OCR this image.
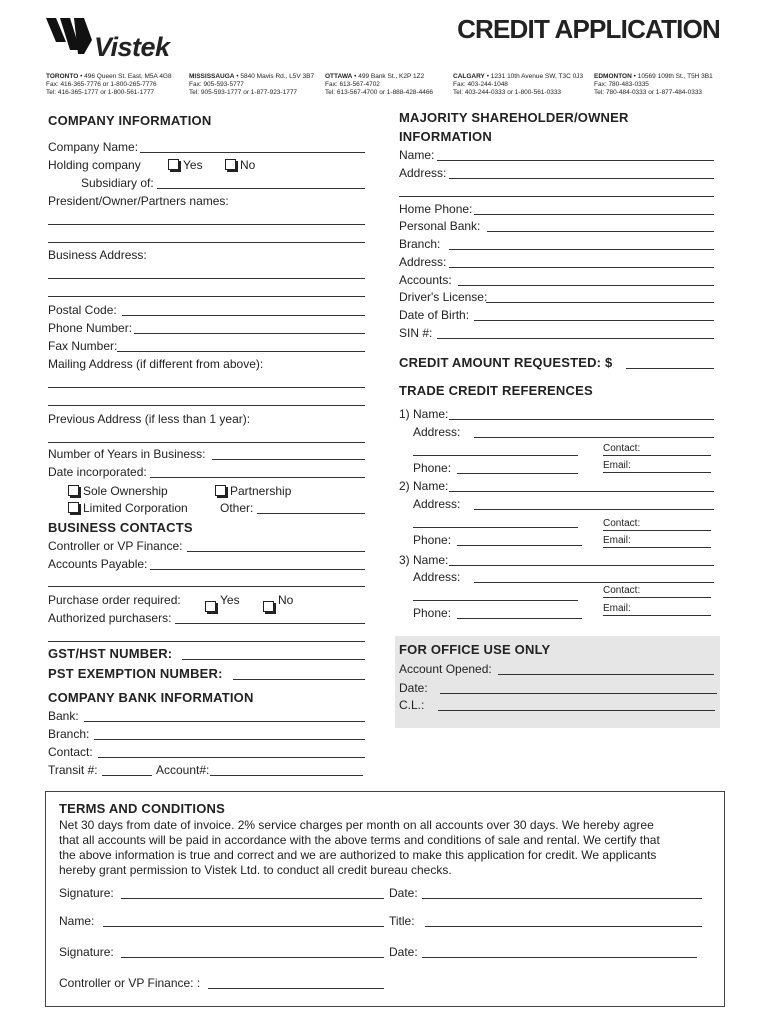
Vistek
CREDIT APPLICATION
TORONTO • 496 Queen St. East, M5A 4G8
Fax: 416-365-7776 or 1-800-265-7776
Tel: 416-365-1777 or 1-800-561-1777
MISSISSAUGA • 5840 Mavis Rd., L5V 3B7
Fax: 905-593-5777
Tel: 905-593-1777 or 1-877-923-1777
OTTAWA • 499 Bank St., K2P 1Z2
Fax: 613-567-4702
Tel: 613-567-4700 or 1-888-428-4466
CALGARY • 1231 10th Avenue SW, T3C 0J3
Fax: 403-244-1048
Tel: 403-244-0333 or 1-800-561-0333
EDMONTON • 10569 109th St., T5H 3B1
Fax: 780-483-0335
Tel: 780-484-0333 or 1-877-484-0333
COMPANY INFORMATION
Company Name:
Holding company	Yes	No
Subsidiary of:
President/Owner/Partners names:
Business Address:
Postal Code:
Phone Number:
Fax Number:
Mailing Address (if different from above):
Previous Address (if less than 1 year):
Number of Years in Business:
Date incorporated:
Sole Ownership	Partnership
Limited Corporation	Other:
BUSINESS CONTACTS
Controller or VP Finance:
Accounts Payable:
Purchase order required:	Yes	No
Authorized purchasers:
GST/HST NUMBER:
PST EXEMPTION NUMBER:
COMPANY BANK INFORMATION
Bank:
Branch:
Contact:
Transit #:	Account#:
MAJORITY SHAREHOLDER/OWNER
INFORMATION
Name:
Address:
Home Phone:
Personal Bank:
Branch:
Address:
Accounts:
Driver's License:
Date of Birth:
SIN #:
CREDIT AMOUNT REQUESTED: $
TRADE CREDIT REFERENCES
1) Name:
Address:
Contact:
Phone:	Email:
2) Name:
Address:
Contact:
Phone:	Email:
3) Name:
Address:
Contact:
Phone:	Email:
FOR OFFICE USE ONLY
Account Opened:
Date:
C.L.:
TERMS AND CONDITIONS
Net 30 days from date of invoice. 2% service charges per month on all accounts over 30 days. We hereby agree
that all accounts will be paid in accordance with the above terms and conditions of sale and rental. We certify that
the above information is true and correct and we are authorized to make this application for credit. We applicants
hereby grant permission to Vistek Ltd. to conduct all credit bureau checks.
Signature:	Date:
Name:	Title:
Signature:	Date:
Controller or VP Finance: :
